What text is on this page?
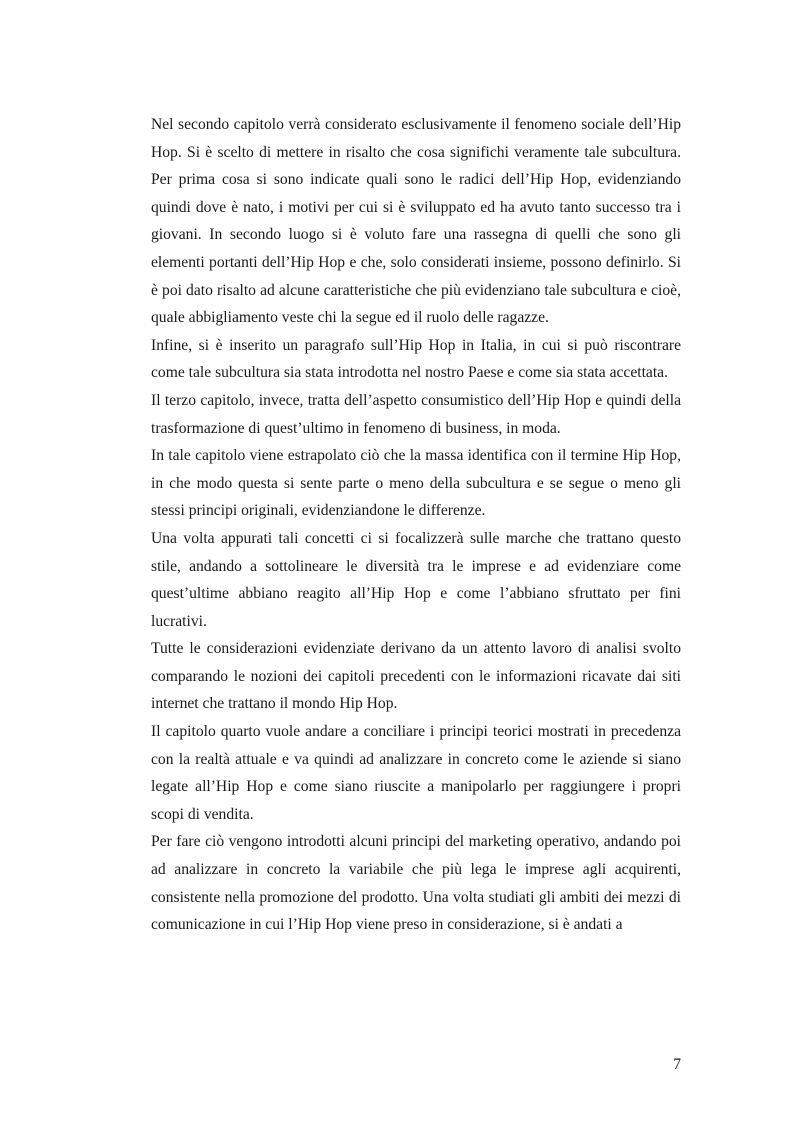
Nel secondo capitolo verrà considerato esclusivamente il fenomeno sociale dell’Hip Hop. Si è scelto di mettere in risalto che cosa significhi veramente tale subcultura. Per prima cosa si sono indicate quali sono le radici dell’Hip Hop, evidenziando quindi dove è nato, i motivi per cui si è sviluppato ed ha avuto tanto successo tra i giovani. In secondo luogo si è voluto fare una rassegna di quelli che sono gli elementi portanti dell’Hip Hop e che, solo considerati insieme, possono definirlo. Si è poi dato risalto ad alcune caratteristiche che più evidenziano tale subcultura e cioè, quale abbigliamento veste chi la segue ed il ruolo delle ragazze.

Infine, si è inserito un paragrafo sull’Hip Hop in Italia, in cui si può riscontrare come tale subcultura sia stata introdotta nel nostro Paese e come sia stata accettata.

Il terzo capitolo, invece, tratta dell’aspetto consumistico dell’Hip Hop e quindi della trasformazione di quest’ultimo in fenomeno di business, in moda.

In tale capitolo viene estrapolato ciò che la massa identifica con il termine Hip Hop, in che modo questa si sente parte o meno della subcultura e se segue o meno gli stessi principi originali, evidenziandone le differenze.

Una volta appurati tali concetti ci si focalizzerà sulle marche che trattano questo stile, andando a sottolineare le diversità tra le imprese e ad evidenziare come quest’ultime abbiano reagito all’Hip Hop e come l’abbiano sfruttato per fini lucrativi.

Tutte le considerazioni evidenziate derivano da un attento lavoro di analisi svolto comparando le nozioni dei capitoli precedenti con le informazioni ricavate dai siti internet che trattano il mondo Hip Hop.

Il capitolo quarto vuole andare a conciliare i principi teorici mostrati in precedenza con la realtà attuale e va quindi ad analizzare in concreto come le aziende si siano legate all’Hip Hop e come siano riuscite a manipolarlo per raggiungere i propri scopi di vendita.

Per fare ciò vengono introdotti alcuni principi del marketing operativo, andando poi ad analizzare in concreto la variabile che più lega le imprese agli acquirenti, consistente nella promozione del prodotto. Una volta studiati gli ambiti dei mezzi di comunicazione in cui l’Hip Hop viene preso in considerazione, si è andati a

7
